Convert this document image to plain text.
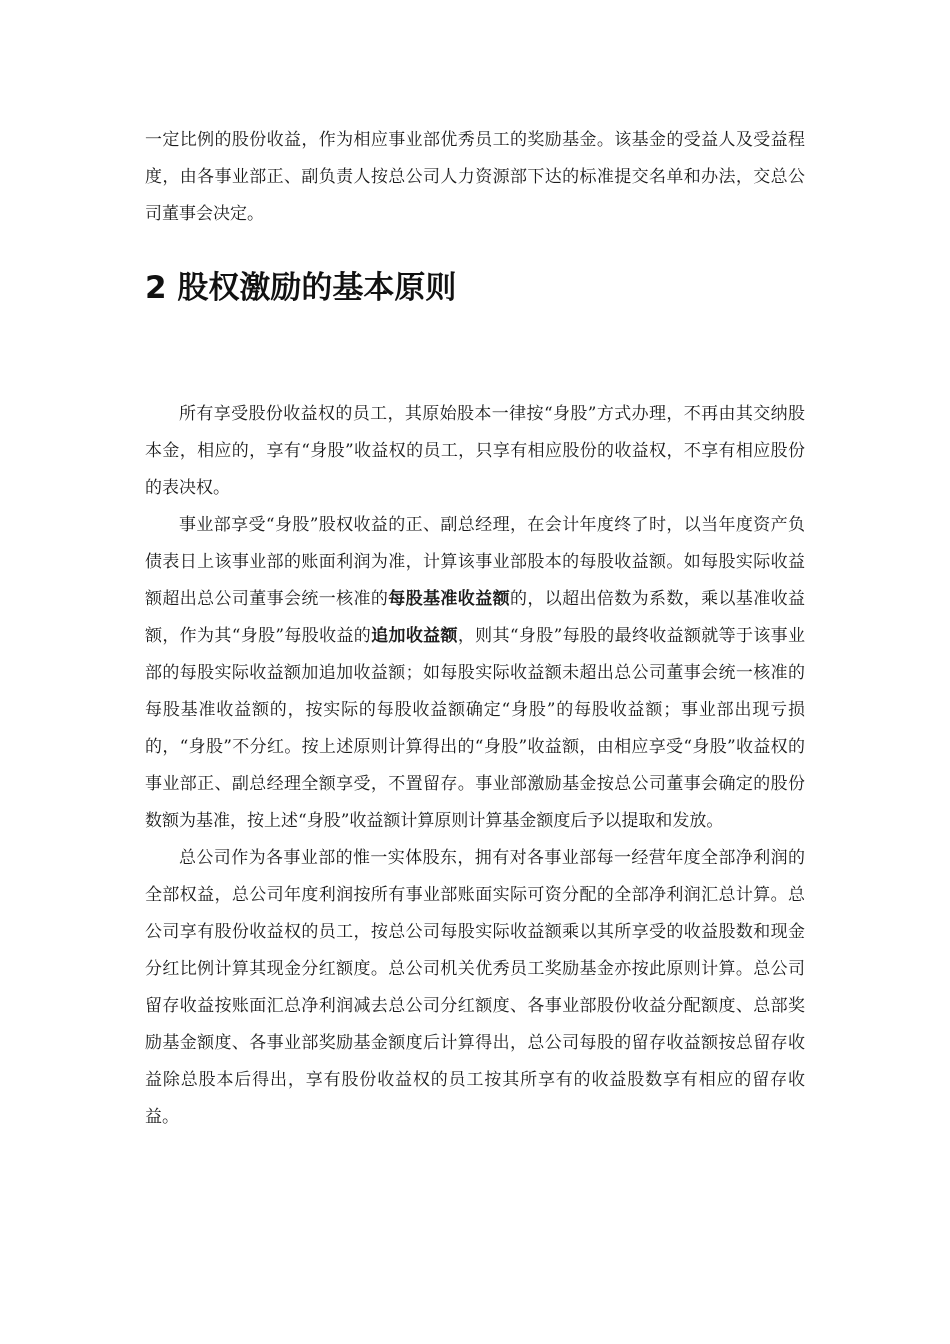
一定比例的股份收益，作为相应事业部优秀员工的奖励基金。该基金的受益人及受益程度，由各事业部正、副负责人按总公司人力资源部下达的标准提交名单和办法，交总公司董事会决定。

2 股权激励的基本原则

所有享受股份收益权的员工，其原始股本一律按“身股”方式办理，不再由其交纳股本金，相应的，享有“身股”收益权的员工，只享有相应股份的收益权，不享有相应股份的表决权。

事业部享受“身股”股权收益的正、副总经理，在会计年度终了时，以当年度资产负债表日上该事业部的账面利润为准，计算该事业部股本的每股收益额。如每股实际收益额超出总公司董事会统一核准的每股基准收益额的，以超出倍数为系数，乘以基准收益额，作为其“身股”每股收益的追加收益额，则其“身股”每股的最终收益额就等于该事业部的每股实际收益额加追加收益额；如每股实际收益额未超出总公司董事会统一核准的每股基准收益额的，按实际的每股收益额确定“身股”的每股收益额；事业部出现亏损的，“身股”不分红。按上述原则计算得出的“身股”收益额，由相应享受“身股”收益权的事业部正、副总经理全额享受，不置留存。事业部激励基金按总公司董事会确定的股份数额为基准，按上述“身股”收益额计算原则计算基金额度后予以提取和发放。

总公司作为各事业部的惟一实体股东，拥有对各事业部每一经营年度全部净利润的全部权益，总公司年度利润按所有事业部账面实际可资分配的全部净利润汇总计算。总公司享有股份收益权的员工，按总公司每股实际收益额乘以其所享受的收益股数和现金分红比例计算其现金分红额度。总公司机关优秀员工奖励基金亦按此原则计算。总公司留存收益按账面汇总净利润减去总公司分红额度、各事业部股份收益分配额度、总部奖励基金额度、各事业部奖励基金额度后计算得出，总公司每股的留存收益额按总留存收益除总股本后得出，享有股份收益权的员工按其所享有的收益股数享有相应的留存收益。
